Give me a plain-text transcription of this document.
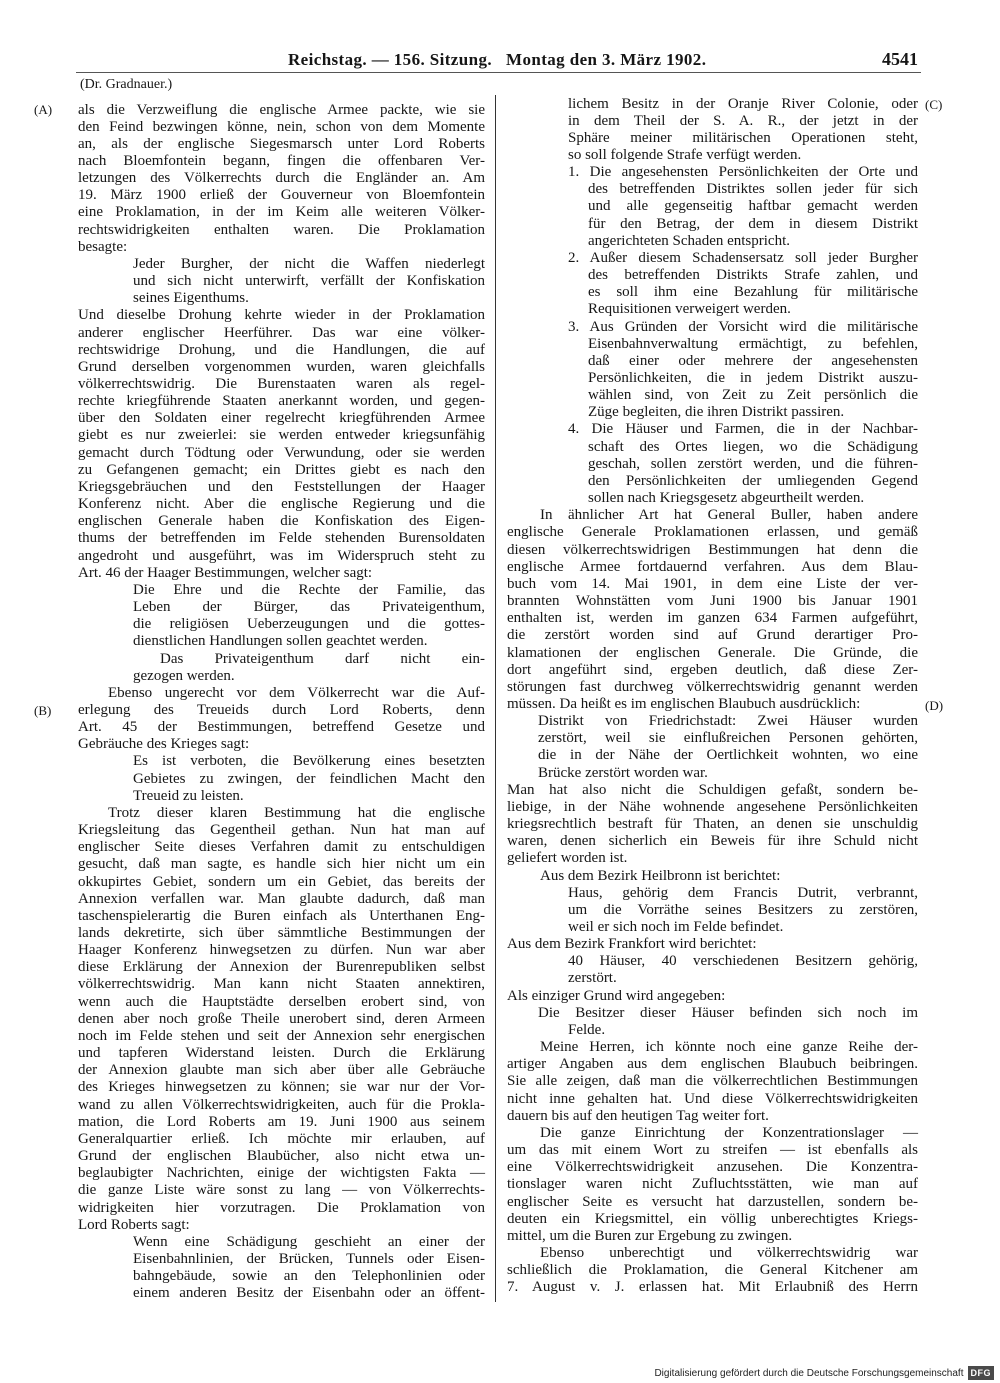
Reichstag. — 156. Sitzung. Montag den 3. März 1902.	4541
(Dr. Gradnauer.)
(A)
(B)
(C)
(D)
als die Verzweiflung die englische Armee packte, wie sie
den Feind bezwingen könne, nein, schon von dem Momente
an, als der englische Siegesmarsch unter Lord Roberts
nach Bloemfontein begann, fingen die offenbaren Ver-
letzungen des Völkerrechts durch die Engländer an. Am
19. März 1900 erließ der Gouverneur von Bloemfontein
eine Proklamation, in der im Keim alle weiteren Völker-
rechtswidrigkeiten enthalten waren. Die Proklamation
besagte:
Jeder Burgher, der nicht die Waffen niederlegt
und sich nicht unterwirft, verfällt der Konfiskation
seines Eigenthums.
Und dieselbe Drohung kehrte wieder in der Proklamation
anderer englischer Heerführer. Das war eine völker-
rechtswidrige Drohung, und die Handlungen, die auf
Grund derselben vorgenommen wurden, waren gleichfalls
völkerrechtswidrig. Die Burenstaaten waren als regel-
rechte kriegführende Staaten anerkannt worden, und gegen-
über den Soldaten einer regelrecht kriegführenden Armee
giebt es nur zweierlei: sie werden entweder kriegsunfähig
gemacht durch Tödtung oder Verwundung, oder sie werden
zu Gefangenen gemacht; ein Drittes giebt es nach den
Kriegsgebräuchen und den Feststellungen der Haager
Konferenz nicht. Aber die englische Regierung und die
englischen Generale haben die Konfiskation des Eigen-
thums der betreffenden im Felde stehenden Burensoldaten
angedroht und ausgeführt, was im Widerspruch steht zu
Art. 46 der Haager Bestimmungen, welcher sagt:
Die Ehre und die Rechte der Familie, das
Leben der Bürger, das Privateigenthum,
die religiösen Ueberzeugungen und die gottes-
dienstlichen Handlungen sollen geachtet werden.
Das Privateigenthum darf nicht ein-
gezogen werden.
Ebenso ungerecht vor dem Völkerrecht war die Auf-
erlegung des Treueids durch Lord Roberts, denn
Art. 45 der Bestimmungen, betreffend Gesetze und
Gebräuche des Krieges sagt:
Es ist verboten, die Bevölkerung eines besetzten
Gebietes zu zwingen, der feindlichen Macht den
Treueid zu leisten.
Trotz dieser klaren Bestimmung hat die englische
Kriegsleitung das Gegentheil gethan. Nun hat man auf
englischer Seite dieses Verfahren damit zu entschuldigen
gesucht, daß man sagte, es handle sich hier nicht um ein
okkupirtes Gebiet, sondern um ein Gebiet, das bereits der
Annexion verfallen war. Man glaubte dadurch, daß man
taschenspielerartig die Buren einfach als Unterthanen Eng-
lands dekretirte, sich über sämmtliche Bestimmungen der
Haager Konferenz hinwegsetzen zu dürfen. Nun war aber
diese Erklärung der Annexion der Burenrepubliken selbst
völkerrechtswidrig. Man kann nicht Staaten annektiren,
wenn auch die Hauptstädte derselben erobert sind, von
denen aber noch große Theile unerobert sind, deren Armeen
noch im Felde stehen und seit der Annexion sehr energischen
und tapferen Widerstand leisten. Durch die Erklärung
der Annexion glaubte man sich aber über alle Gebräuche
des Krieges hinwegsetzen zu können; sie war nur der Vor-
wand zu allen Völkerrechtswidrigkeiten, auch für die Prokla-
mation, die Lord Roberts am 19. Juni 1900 aus seinem
Generalquartier erließ. Ich möchte mir erlauben, auf
Grund der englischen Blaubücher, also nicht etwa un-
beglaubigter Nachrichten, einige der wichtigsten Fakta —
die ganze Liste wäre sonst zu lang — von Völkerrechts-
widrigkeiten hier vorzutragen. Die Proklamation von
Lord Roberts sagt:
Wenn eine Schädigung geschieht an einer der
Eisenbahnlinien, der Brücken, Tunnels oder Eisen-
bahngebäude, sowie an den Telephonlinien oder
einem anderen Besitz der Eisenbahn oder an öffent-
lichem Besitz in der Oranje River Colonie, oder
in dem Theil der S. A. R., der jetzt in der
Sphäre meiner militärischen Operationen steht,
so soll folgende Strafe verfügt werden.
1. Die angesehensten Persönlichkeiten der Orte und
des betreffenden Distriktes sollen jeder für sich
und alle gegenseitig haftbar gemacht werden
für den Betrag, der dem in diesem Distrikt
angerichteten Schaden entspricht.
2. Außer diesem Schadensersatz soll jeder Burgher
des betreffenden Distrikts Strafe zahlen, und
es soll ihm eine Bezahlung für militärische
Requisitionen verweigert werden.
3. Aus Gründen der Vorsicht wird die militärische
Eisenbahnverwaltung ermächtigt, zu befehlen,
daß einer oder mehrere der angesehensten
Persönlichkeiten, die in jedem Distrikt auszu-
wählen sind, von Zeit zu Zeit persönlich die
Züge begleiten, die ihren Distrikt passiren.
4. Die Häuser und Farmen, die in der Nachbar-
schaft des Ortes liegen, wo die Schädigung
geschah, sollen zerstört werden, und die führen-
den Persönlichkeiten der umliegenden Gegend
sollen nach Kriegsgesetz abgeurtheilt werden.
In ähnlicher Art hat General Buller, haben andere
englische Generale Proklamationen erlassen, und gemäß
diesen völkerrechtswidrigen Bestimmungen hat denn die
englische Armee fortdauernd verfahren. Aus dem Blau-
buch vom 14. Mai 1901, in dem eine Liste der ver-
brannten Wohnstätten vom Juni 1900 bis Januar 1901
enthalten ist, werden im ganzen 634 Farmen aufgeführt,
die zerstört worden sind auf Grund derartiger Pro-
klamationen der englischen Generale. Die Gründe, die
dort angeführt sind, ergeben deutlich, daß diese Zer-
störungen fast durchweg völkerrechtswidrig genannt werden
müssen. Da heißt es im englischen Blaubuch ausdrücklich:
Distrikt von Friedrichstadt: Zwei Häuser wurden
zerstört, weil sie einflußreichen Personen gehörten,
die in der Nähe der Oertlichkeit wohnten, wo eine
Brücke zerstört worden war.
Man hat also nicht die Schuldigen gefaßt, sondern be-
liebige, in der Nähe wohnende angesehene Persönlichkeiten
kriegsrechtlich bestraft für Thaten, an denen sie unschuldig
waren, denen sicherlich ein Beweis für ihre Schuld nicht
geliefert worden ist.
Aus dem Bezirk Heilbronn ist berichtet:
Haus, gehörig dem Francis Dutrit, verbrannt,
um die Vorräthe seines Besitzers zu zerstören,
weil er sich noch im Felde befindet.
Aus dem Bezirk Frankfort wird berichtet:
40 Häuser, 40 verschiedenen Besitzern gehörig,
zerstört.
Als einziger Grund wird angegeben:
Die Besitzer dieser Häuser befinden sich noch im
Felde.
Meine Herren, ich könnte noch eine ganze Reihe der-
artiger Angaben aus dem englischen Blaubuch beibringen.
Sie alle zeigen, daß man die völkerrechtlichen Bestimmungen
nicht inne gehalten hat. Und diese Völkerrechtswidrigkeiten
dauern bis auf den heutigen Tag weiter fort.
Die ganze Einrichtung der Konzentrationslager —
um das mit einem Wort zu streifen — ist ebenfalls als
eine Völkerrechtswidrigkeit anzusehen. Die Konzentra-
tionslager waren nicht Zufluchtsstätten, wie man auf
englischer Seite es versucht hat darzustellen, sondern be-
deuten ein Kriegsmittel, ein völlig unberechtigtes Kriegs-
mittel, um die Buren zur Ergebung zu zwingen.
Ebenso unberechtigt und völkerrechtswidrig war
schließlich die Proklamation, die General Kitchener am
7. August v. J. erlassen hat. Mit Erlaubniß des Herrn
Digitalisierung gefördert durch die Deutsche Forschungsgemeinschaft DFG
